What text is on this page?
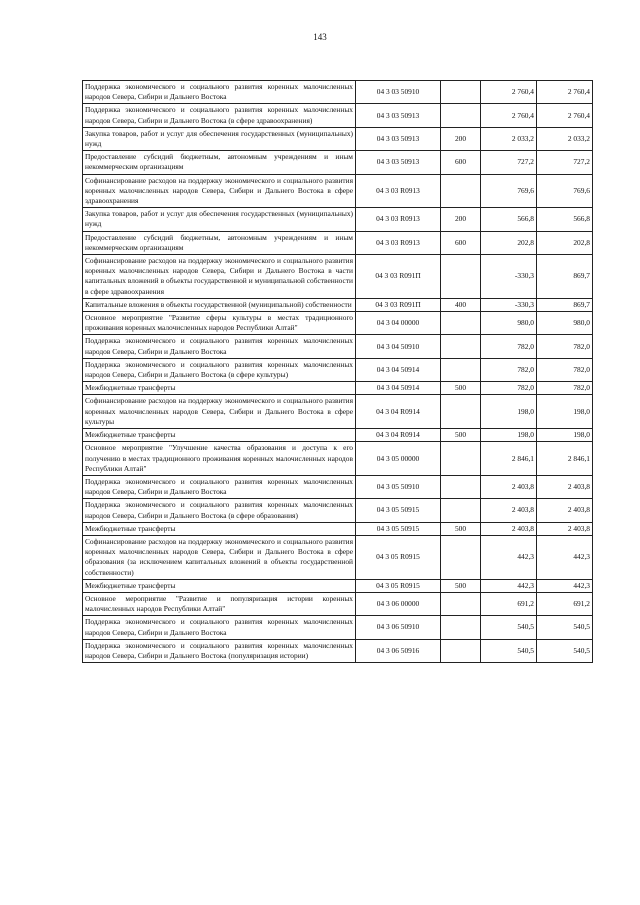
143
Поддержка экономического и социального развития коренных малочисленных народов Севера, Сибири и Дальнего Востока	04 3 03 50910		2 760,4	2 760,4
Поддержка экономического и социального развития коренных малочисленных народов Севера, Сибири и Дальнего Востока (в сфере здравоохранения)	04 3 03 50913		2 760,4	2 760,4
Закупка товаров, работ и услуг для обеспечения государственных (муниципальных) нужд	04 3 03 50913	200	2 033,2	2 033,2
Предоставление субсидий бюджетным, автономным учреждениям и иным некоммерческим организациям	04 3 03 50913	600	727,2	727,2
Софинансирование расходов на поддержку экономического и социального развития коренных малочисленных народов Севера, Сибири и Дальнего Востока в сфере здравоохранения	04 3 03 R0913		769,6	769,6
Закупка товаров, работ и услуг для обеспечения государственных (муниципальных) нужд	04 3 03 R0913	200	566,8	566,8
Предоставление субсидий бюджетным, автономным учреждениям и иным некоммерческим организациям	04 3 03 R0913	600	202,8	202,8
Софинансирование расходов на поддержку экономического и социального развития коренных малочисленных народов Севера, Сибири и Дальнего Востока в части капитальных вложений в объекты государственной и муниципальной собственности в сфере здравоохранения	04 3 03 R091П		-330,3	869,7
Капитальные вложения в объекты государственной (муниципальной) собственности	04 3 03 R091П	400	-330,3	869,7
Основное мероприятие "Развитие сферы культуры в местах традиционного проживания коренных малочисленных народов Республики Алтай"	04 3 04 00000		980,0	980,0
Поддержка экономического и социального развития коренных малочисленных народов Севера, Сибири и Дальнего Востока	04 3 04 50910		782,0	782,0
Поддержка экономического и социального развития коренных малочисленных народов Севера, Сибири и Дальнего Востока (в сфере культуры)	04 3 04 50914		782,0	782,0
Межбюджетные трансферты	04 3 04 50914	500	782,0	782,0
Софинансирование расходов на поддержку экономического и социального развития коренных малочисленных народов Севера, Сибири и Дальнего Востока в сфере культуры	04 3 04 R0914		198,0	198,0
Межбюджетные трансферты	04 3 04 R0914	500	198,0	198,0
Основное мероприятие "Улучшение качества образования и доступа к его получению в местах традиционного проживания коренных малочисленных народов Республики Алтай"	04 3 05 00000		2 846,1	2 846,1
Поддержка экономического и социального развития коренных малочисленных народов Севера, Сибири и Дальнего Востока	04 3 05 50910		2 403,8	2 403,8
Поддержка экономического и социального развития коренных малочисленных народов Севера, Сибири и Дальнего Востока (в сфере образования)	04 3 05 50915		2 403,8	2 403,8
Межбюджетные трансферты	04 3 05 50915	500	2 403,8	2 403,8
Софинансирование расходов на поддержку экономического и социального развития коренных малочисленных народов Севера, Сибири и Дальнего Востока в сфере образования (за исключением капитальных вложений в объекты государственной собственности)	04 3 05 R0915		442,3	442,3
Межбюджетные трансферты	04 3 05 R0915	500	442,3	442,3
Основное мероприятие "Развитие и популяризация истории коренных малочисленных народов Республики Алтай"	04 3 06 00000		691,2	691,2
Поддержка экономического и социального развития коренных малочисленных народов Севера, Сибири и Дальнего Востока	04 3 06 50910		540,5	540,5
Поддержка экономического и социального развития коренных малочисленных народов Севера, Сибири и Дальнего Востока (популяризация истории)	04 3 06 50916		540,5	540,5
